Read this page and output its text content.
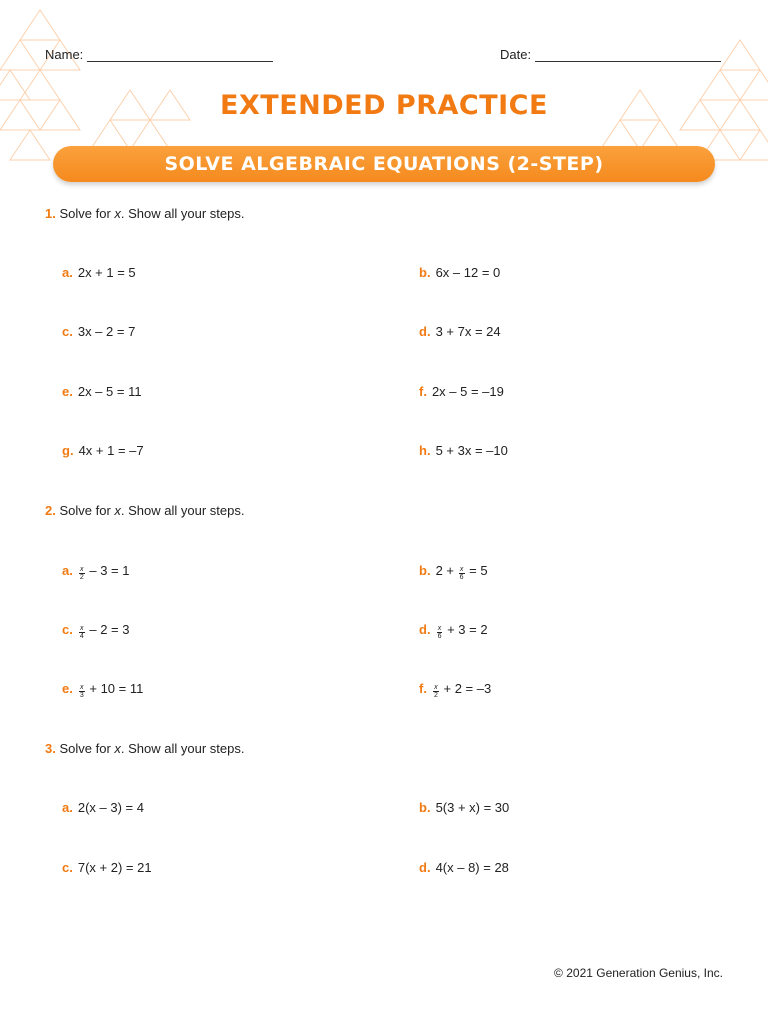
Name:	Date:
EXTENDED PRACTICE
SOLVE ALGEBRAIC EQUATIONS (2-STEP)
1. Solve for x. Show all your steps.
a. 2x + 1 = 5	b. 6x – 12 = 0
c. 3x – 2 = 7	d. 3 + 7x = 24
e. 2x – 5 = 11	f. 2x – 5 = –19
g. 4x + 1 = –7	h. 5 + 3x = –10
2. Solve for x. Show all your steps.
a. $\frac{x}{2} - 3 = 1$	b. $2 + \frac{x}{6} = 5$
c. $\frac{x}{4} - 2 = 3$	d. $\frac{x}{6} + 3 = 2$
e. $\frac{x}{3} + 10 = 11$	f. $\frac{x}{2} + 2 = -3$
3. Solve for x. Show all your steps.
a. 2(x – 3) = 4	b. 5(3 + x) = 30
c. 7(x + 2) = 21	d. 4(x – 8) = 28
© 2021 Generation Genius, Inc.
